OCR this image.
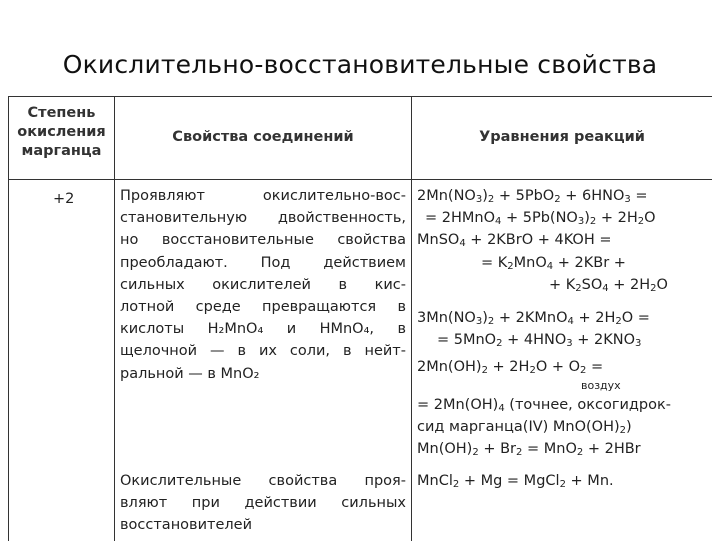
Окислительно-восстановительные свойства
Степень
окисления
марганца
Свойства соединений	Уравнения реакций
+2	Проявляют окислительно-вос-
становительную двойственность,
но восстановительные свойства
преобладают. Под действием
сильных окислителей в кис-
лотной среде превращаются в
кислоты H₂MnO₄ и HMnO₄, в
щелочной — в их соли, в нейт-
ральной — в MnO₂
Окислительные свойства проя-
вляют при действии сильных
восстановителей
$2Mn(NO_3)_2 + 5PbO_2 + 6HNO_3$ =
= 2HMnO$_4$ + $5Pb(NO_3)_2 + 2H_2O$
MnSO$_4$ + 2KBrO + 4KOH =
= $K_2MnO_4 + 2KBr$ +
+ $K_2SO_4 + 2H_2O$
$3Mn(NO_3)_2$ + 2KMnO$_4$ + $2H_2O$ =
= $5MnO_2 + 4HNO_3 + 2KNO_3$
$2Mn(OH)_2 + 2H_2O + O_2$ =
воздух
= $2Mn(OH)_4$ (точнее, оксогидрок-
сид марганца(IV) $MnO(OH)_2$)
$Mn(OH)_2 + Br_2 = MnO_2 + 2HBr$
MnCl$_2$ + Mg = MgCl$_2$ + Mn.
